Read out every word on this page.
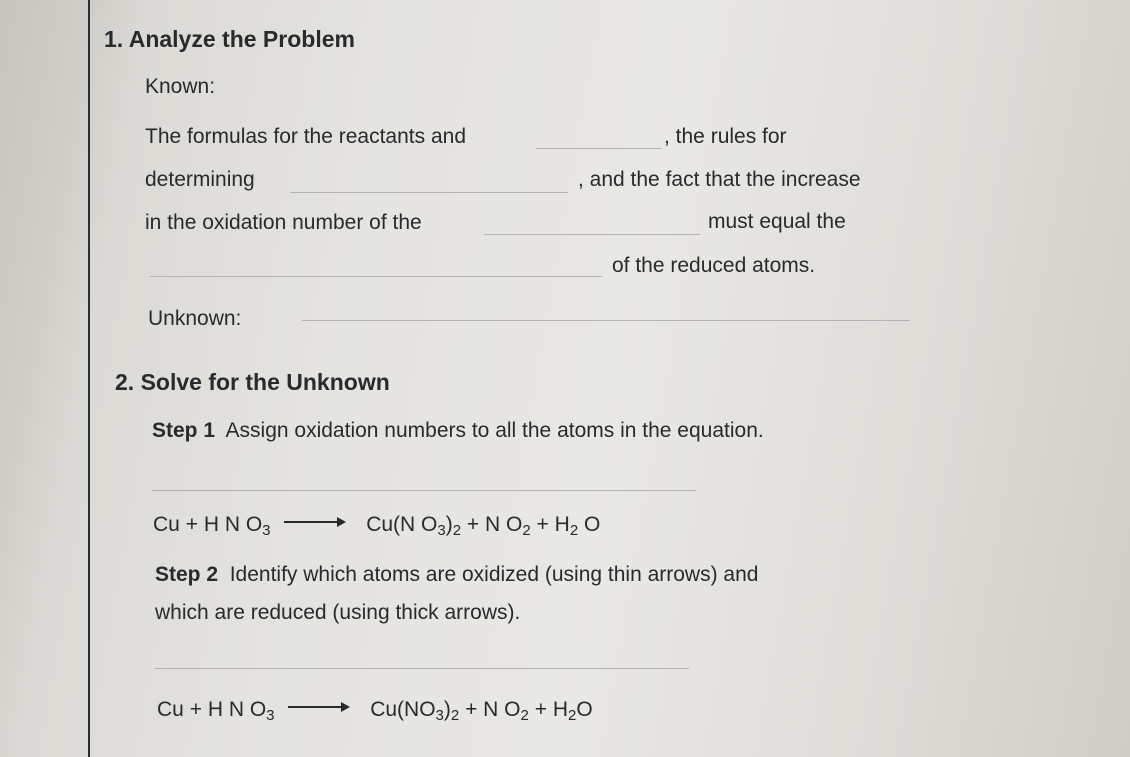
1. Analyze the Problem
Known:
The formulas for the reactants and	, the rules for
determining	, and the fact that the increase
in the oxidation number of the	must equal the
of the reduced atoms.
Unknown:
2. Solve for the Unknown
Step 1 Assign oxidation numbers to all the atoms in the equation.
Cu + H N $O_3$	Cu(N $O_3)_2 + N$ $O_2 + H_2$ O
Step 2 Identify which atoms are oxidized (using thin arrows) and
which are reduced (using thick arrows).
Cu + H N $O_3$	$Cu(NO_3)_2 + N$ $O_2 + H_2O$
